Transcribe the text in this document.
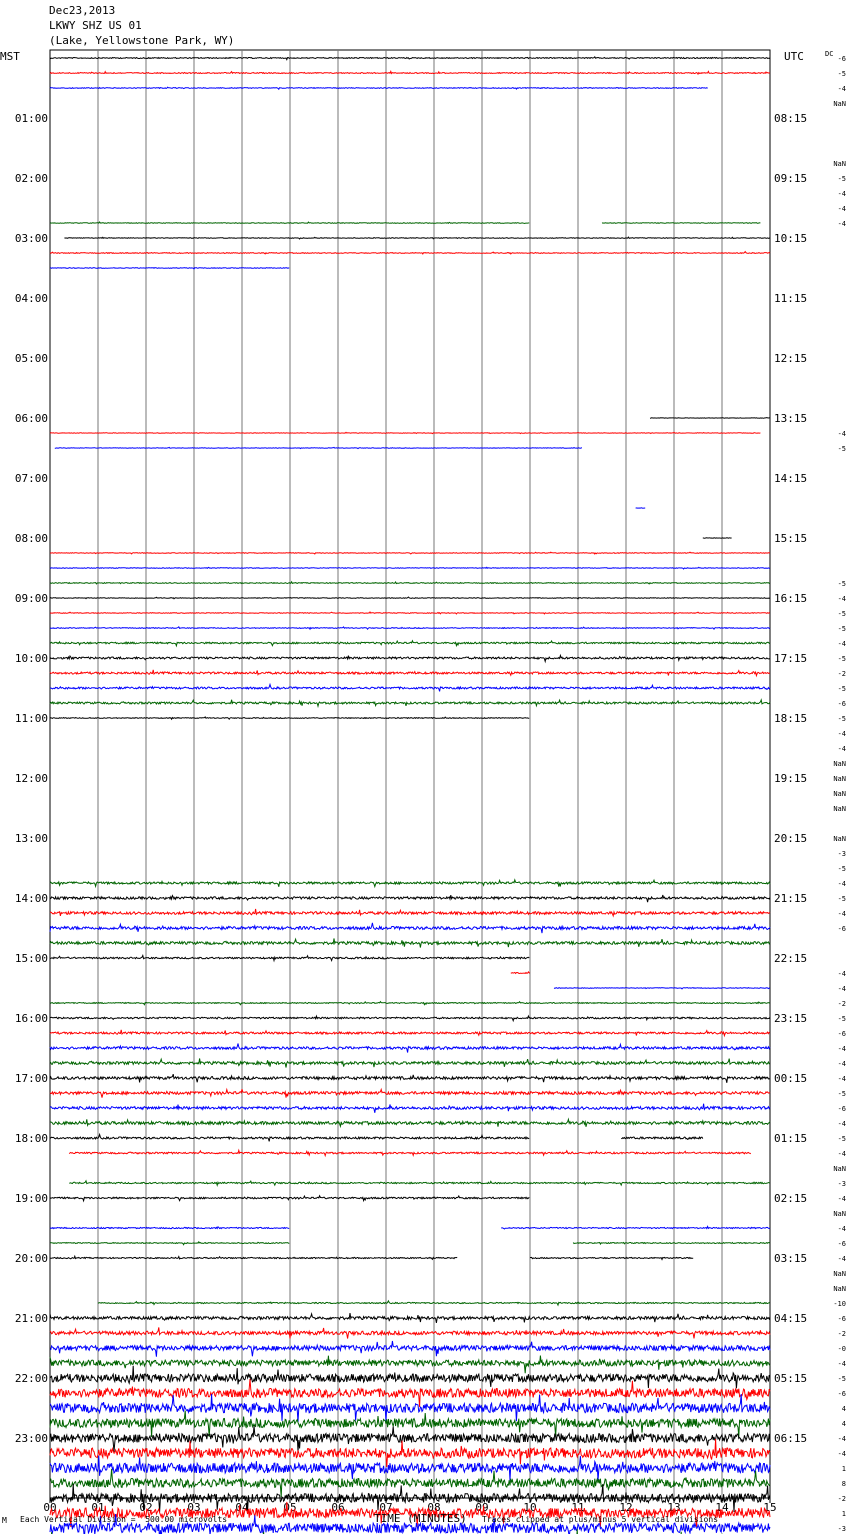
Dec23,2013
LKWY SHZ US 01
(Lake, Yellowstone Park, WY)
00	01	02	03	04	05	06	07	08	09	10	11	12	13	14	15
MST	UTC	DC
01:00
02:00
03:00
04:00
05:00
06:00
07:00
08:00
09:00
10:00
11:00
12:00
13:00
14:00
15:00
16:00
17:00
18:00
19:00
20:00
21:00
22:00
23:00
08:15
09:15
10:15
11:15
12:15
13:15
14:15
15:15
16:15
17:15
18:15
19:15
20:15
21:15
22:15
23:15
00:15
01:15
02:15
03:15
04:15
05:15
06:15
-6
-5
-4
NaN
NaN
-5
-4
-4
-4
-4
-5
-5
-4
-5
-5
-4
-5
-2
-5
-6
-5
-4
-4
NaN
NaN
NaN
NaN
NaN
-3
-5
-4
-5
-4
-6
-4
-4
-2
-5
-6
-4
-4
-4
-5
-6
-4
-5
-4
NaN
-3
-4
NaN
-4
-6
-4
NaN
NaN
-10
-6
-2
-0
-4
-5
-6
4
4
-4
-4
1
8
-2
1
-3
M Each Vertical Division =  500.00 microvolts	TIME (MINUTES) Traces clipped at plus/minus 5 vertical divisions
